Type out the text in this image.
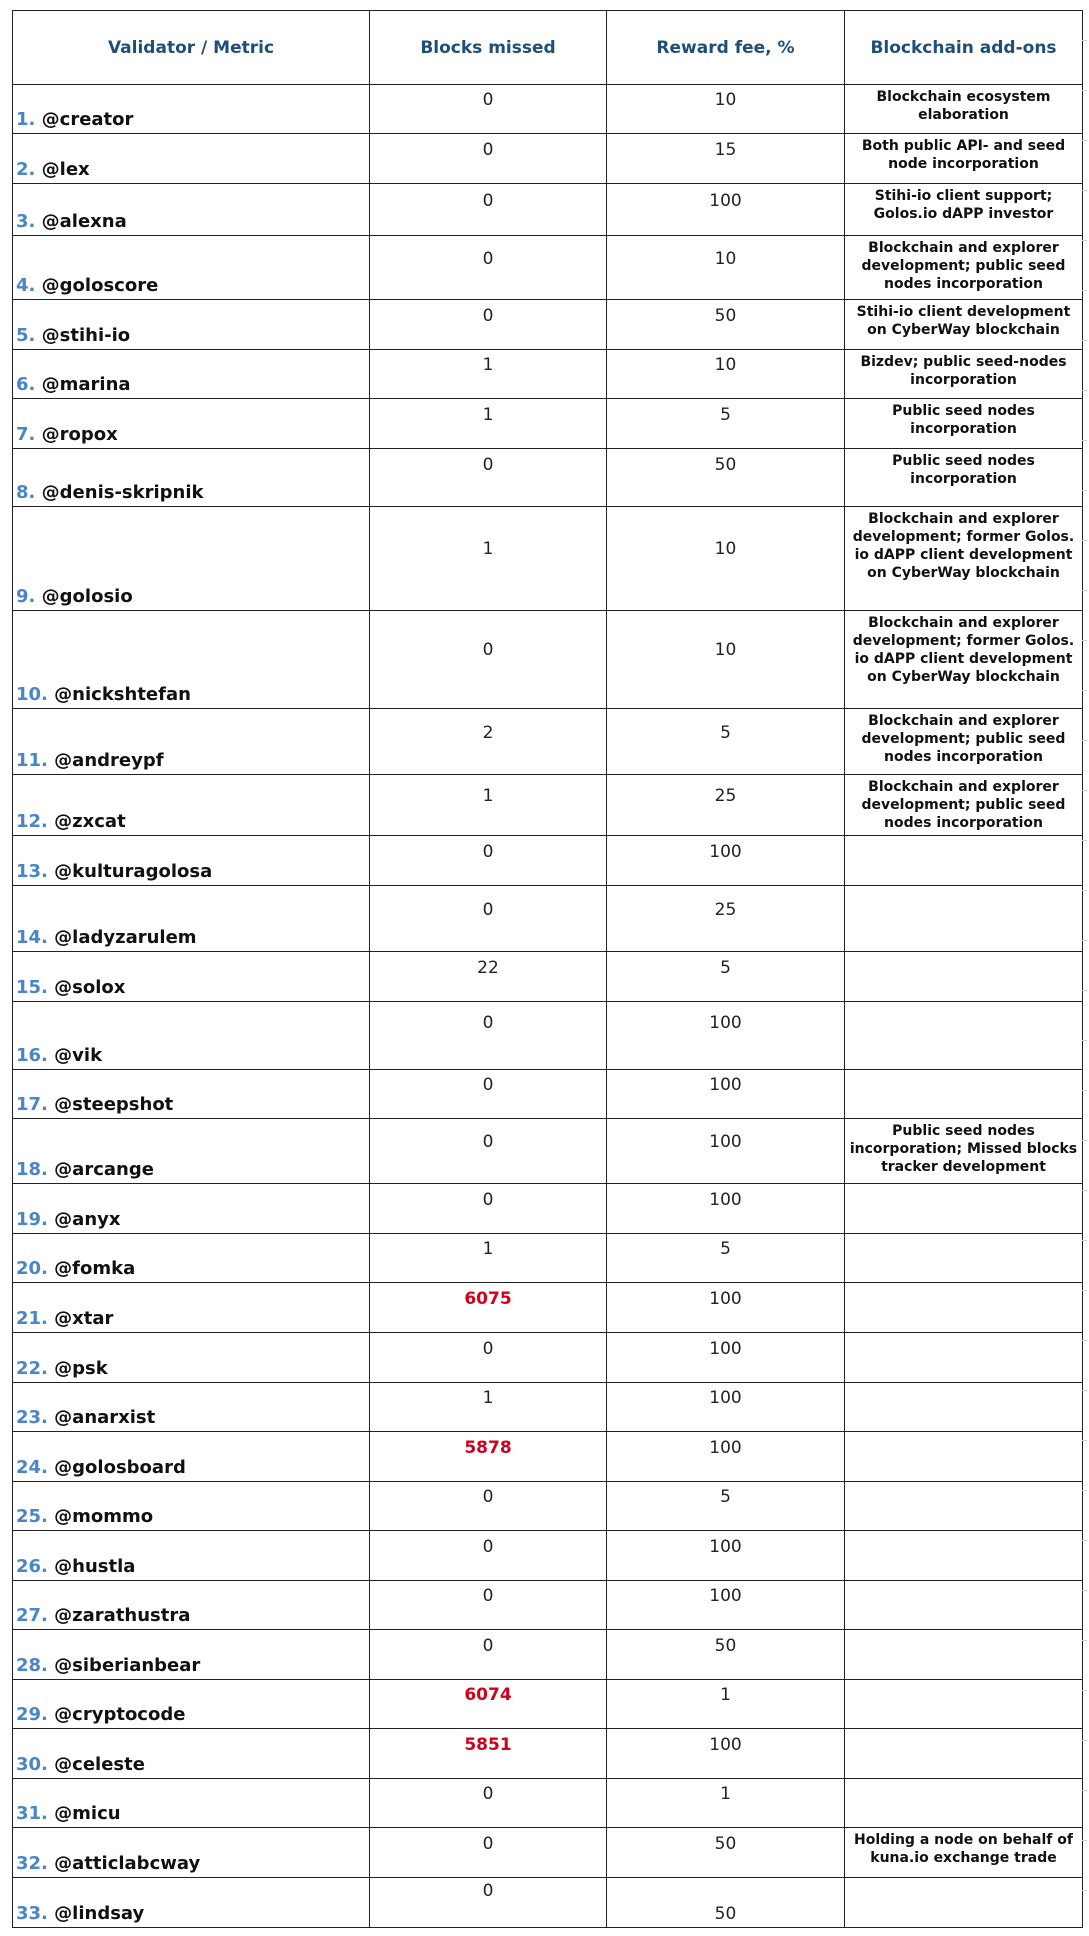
Validator / Metric	Blocks missed	Reward fee, %	Blockchain add-ons
1. @creator	0	10	Blockchain ecosystem elaboration
2. @lex	0	15	Both public API- and seed node incorporation
3. @alexna	0	100	Stihi-io client support; Golos.io dAPP investor
4. @goloscore	0	10	Blockchain and explorer development; public seed nodes incorporation
5. @stihi-io	0	50	Stihi-io client development on CyberWay blockchain
6. @marina	1	10	Bizdev; public seed-nodes incorporation
7. @ropox	1	5	Public seed nodes incorporation
8. @denis-skripnik	0	50	Public seed nodes incorporation
9. @golosio	1	10	Blockchain and explorer development; former Golos. io dAPP client development on CyberWay blockchain
10. @nickshtefan	0	10	Blockchain and explorer development; former Golos. io dAPP client development on CyberWay blockchain
11. @andreypf	2	5	Blockchain and explorer development; public seed nodes incorporation
12. @zxcat	1	25	Blockchain and explorer development; public seed nodes incorporation
13. @kulturagolosa	0	100	

14. @ladyzarulem	0	25	

15. @solox	22	5	

16. @vik	0	100	

17. @steepshot	0	100	

18. @arcange	0	100	Public seed nodes incorporation; Missed blocks tracker development
19. @anyx	0	100	

20. @fomka	1	5	

21. @xtar	6075	100	

22. @psk	0	100	

23. @anarxist	1	100	

24. @golosboard	5878	100	

25. @mommo	0	5	

26. @hustla	0	100	

27. @zarathustra	0	100	

28. @siberianbear	0	50	

29. @cryptocode	6074	1	

30. @celeste	5851	100	

31. @micu	0	1	

32. @atticlabcway	0	50	Holding a node on behalf of kuna.io exchange trade
33. @lindsay	0	50	
